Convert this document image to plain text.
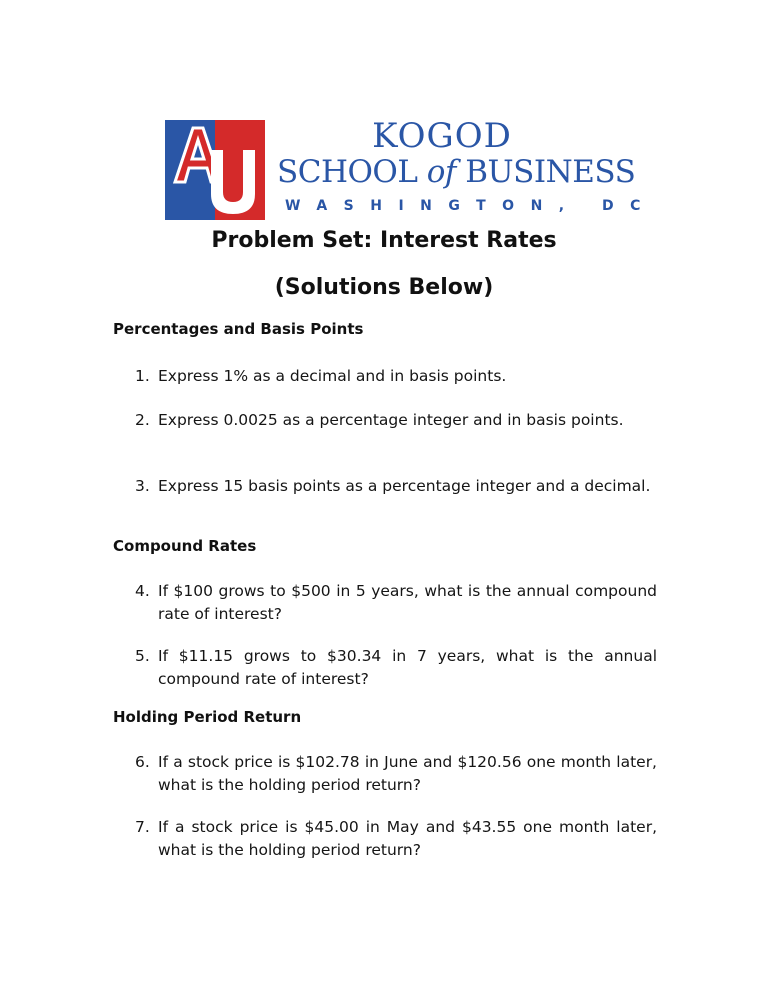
KOGOD
SCHOOL of BUSINESS
WASHINGTON, DC
Problem Set: Interest Rates
(Solutions Below)
Percentages and Basis Points
1. Express 1% as a decimal and in basis points.
2. Express 0.0025 as a percentage integer and in basis points.
3. Express 15 basis points as a percentage integer and a decimal.
Compound Rates
4. If $100 grows to $500 in 5 years, what is the annual compound rate of interest?
5. If $11.15 grows to $30.34 in 7 years, what is the annual compound rate of interest?
Holding Period Return
6. If a stock price is $102.78 in June and $120.56 one month later, what is the holding period return?
7. If a stock price is $45.00 in May and $43.55 one month later, what is the holding period return?
